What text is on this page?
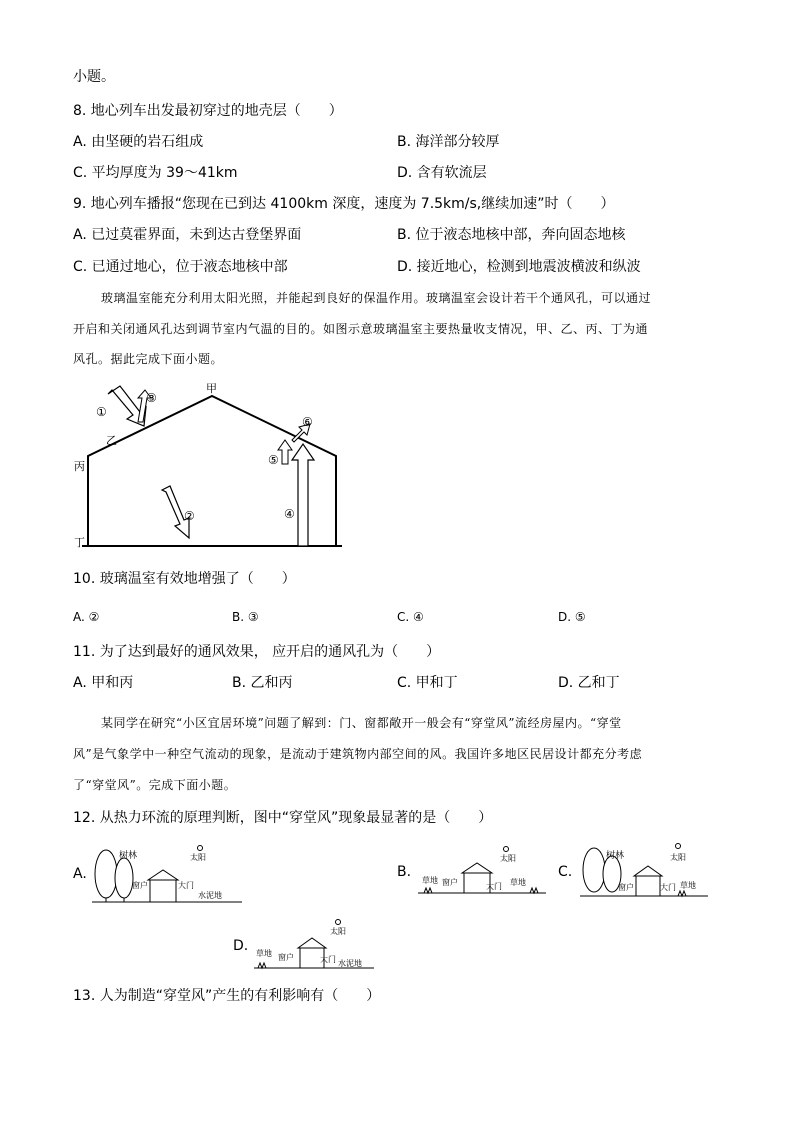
小题。
8. 地心列车出发最初穿过的地壳层（　　）
A. 由坚硬的岩石组成	B. 海洋部分较厚
C. 平均厚度为 39～41km	D. 含有软流层
9. 地心列车播报“您现在已到达 4100km 深度，速度为 7.5km/s,继续加速”时（　　）
A. 已过莫霍界面，未到达古登堡界面	B. 位于液态地核中部，奔向固态地核
C. 已通过地心，位于液态地核中部	D. 接近地心，检测到地震波横波和纵波
玻璃温室能充分利用太阳光照，并能起到良好的保温作用。玻璃温室会设计若干个通风孔，可以通过
开启和关闭通风孔达到调节室内气温的目的。如图示意玻璃温室主要热量收支情况，甲、乙、丙、丁为通
风孔。据此完成下面小题。
甲
乙
丙
丁
①
③
②	④
⑤
⑥
10. 玻璃温室有效地增强了（　　）
A. ②	B. ③	C. ④	D. ⑤
11. 为了达到最好的通风效果， 应开启的通风孔为（　　）
A. 甲和丙	B. 乙和丙	C. 甲和丁	D. 乙和丁
某同学在研究“小区宜居环境”问题了解到：门、窗都敞开一般会有“穿堂风”流经房屋内。“穿堂
风”是气象学中一种空气流动的现象，是流动于建筑物内部空间的风。我国许多地区民居设计都充分考虑
了“穿堂风”。完成下面小题。
12. 从热力环流的原理判断，图中“穿堂风”现象最显著的是（　　）
A.
树林	太阳
窗户	大门
水泥地
B.
草地
太阳
窗户	大门 草地
C.
树林	太阳
窗户	大门 草地
D. 草地
太阳
窗户	大门 水泥地
13. 人为制造“穿堂风”产生的有利影响有（　　）
